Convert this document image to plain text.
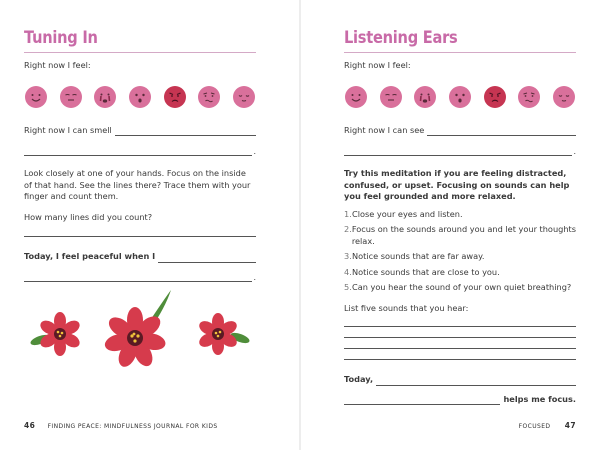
Tuning In

Right now I feel:

Right now I can smell
.

Look closely at one of your hands. Focus on the inside of that hand. See the lines there? Trace them with your finger and count them.

How many lines did you count?

Today, I feel peaceful when I
.
46 FINDING PEACE: MINDFULNESS JOURNAL FOR KIDS
Listening Ears

Right now I feel:

Right now I can see
.

Try this meditation if you are feeling distracted, confused, or upset. Focusing on sounds can help you feel grounded and more relaxed.

1. Close your eyes and listen.
2. Focus on the sounds around you and let your thoughts relax.
3. Notice sounds that are far away.
4. Notice sounds that are close to you.
5. Can you hear the sound of your own quiet breathing?

List five sounds that you hear:

Today,
helps me focus.
FOCUSED 47
